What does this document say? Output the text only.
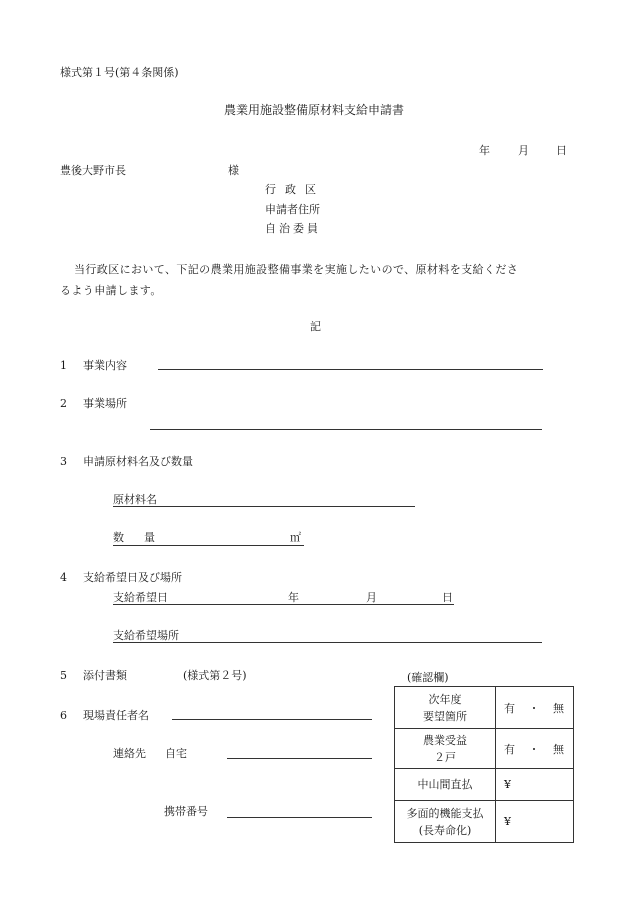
様式第１号(第４条関係)
農業用施設整備原材料支給申請書
年	月 日
豊後大野市長	様
行政区
申請者住所
自治委員
当行政区において、下記の農業用施設整備事業を実施したいので、原材料を支給くださ
るよう申請します。
記
1 事業内容
2 事業場所
3 申請原材料名及び数量
原材料名
数量	㎡
4 支給希望日及び場所
支給希望日	年	月	日
支給希望場所
5 添付書類	(様式第２号)
6 現場責任者名
連絡先 自宅
携帯番号
(確認欄)
次年度
要望箇所	有 ・ 無

農業受益
２戸	有 ・ 無

中山間直払	¥

多面的機能支払
(長寿命化)	¥
